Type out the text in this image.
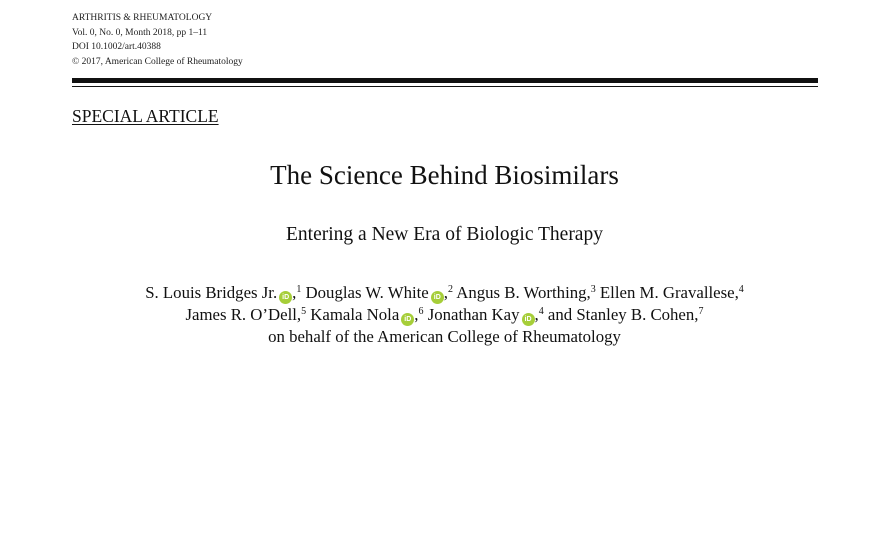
ARTHRITIS & RHEUMATOLOGY
Vol. 0, No. 0, Month 2018, pp 1–11
DOI 10.1002/art.40388
© 2017, American College of Rheumatology
SPECIAL ARTICLE
The Science Behind Biosimilars
Entering a New Era of Biologic Therapy
S. Louis Bridges Jr. iD ,$^1$ Douglas W. White iD ,$^2$ Angus B. Worthing,$^3$ Ellen M. Gravallese,$^4$
James R. O’Dell,$^5$ Kamala Nola iD ,$^6$ Jonathan Kay iD ,$^4$ and Stanley B. Cohen,$^7$
on behalf of the American College of Rheumatology
